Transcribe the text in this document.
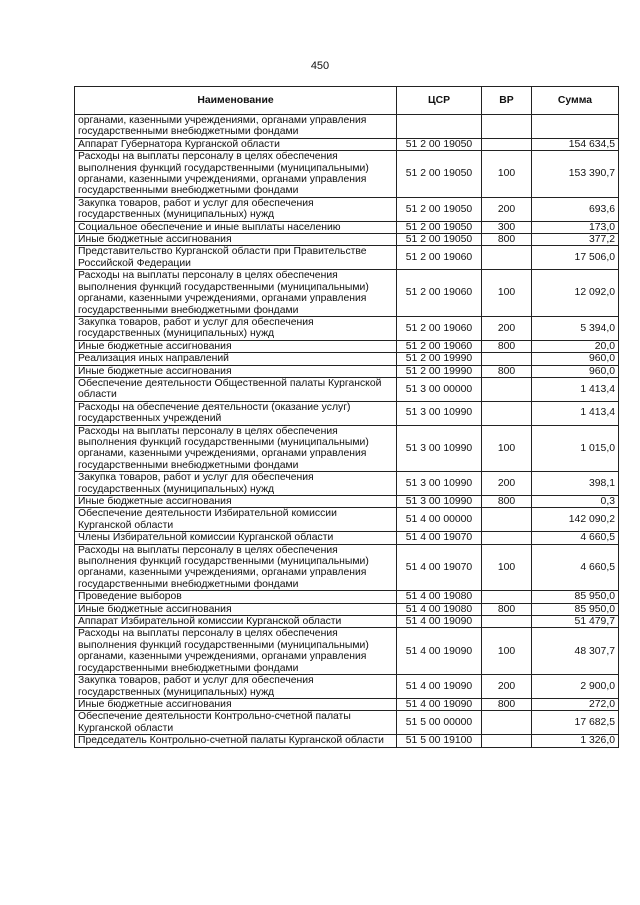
450
Наименование	ЦСР	ВР	Сумма
органами, казенными учреждениями, органами управления государственными внебюджетными фондами			
Аппарат Губернатора Курганской области	51 2 00 19050		154 634,5
Расходы на выплаты персоналу в целях обеспечения выполнения функций государственными (муниципальными) органами, казенными учреждениями, органами управления государственными внебюджетными фондами	51 2 00 19050	100	153 390,7
Закупка товаров, работ и услуг для обеспечения государственных (муниципальных) нужд	51 2 00 19050	200	693,6
Социальное обеспечение и иные выплаты населению	51 2 00 19050	300	173,0
Иные бюджетные ассигнования	51 2 00 19050	800	377,2
Представительство Курганской области при Правительстве Российской Федерации	51 2 00 19060		17 506,0
Расходы на выплаты персоналу в целях обеспечения выполнения функций государственными (муниципальными) органами, казенными учреждениями, органами управления государственными внебюджетными фондами	51 2 00 19060	100	12 092,0
Закупка товаров, работ и услуг для обеспечения государственных (муниципальных) нужд	51 2 00 19060	200	5 394,0
Иные бюджетные ассигнования	51 2 00 19060	800	20,0
Реализация иных направлений	51 2 00 19990		960,0
Иные бюджетные ассигнования	51 2 00 19990	800	960,0
Обеспечение деятельности Общественной палаты Курганской области	51 3 00 00000		1 413,4
Расходы на обеспечение деятельности (оказание услуг) государственных учреждений	51 3 00 10990		1 413,4
Расходы на выплаты персоналу в целях обеспечения выполнения функций государственными (муниципальными) органами, казенными учреждениями, органами управления государственными внебюджетными фондами	51 3 00 10990	100	1 015,0
Закупка товаров, работ и услуг для обеспечения государственных (муниципальных) нужд	51 3 00 10990	200	398,1
Иные бюджетные ассигнования	51 3 00 10990	800	0,3
Обеспечение деятельности Избирательной комиссии Курганской области	51 4 00 00000		142 090,2
Члены Избирательной комиссии Курганской области	51 4 00 19070		4 660,5
Расходы на выплаты персоналу в целях обеспечения выполнения функций государственными (муниципальными) органами, казенными учреждениями, органами управления государственными внебюджетными фондами	51 4 00 19070	100	4 660,5
Проведение выборов	51 4 00 19080		85 950,0
Иные бюджетные ассигнования	51 4 00 19080	800	85 950,0
Аппарат Избирательной комиссии Курганской области	51 4 00 19090		51 479,7
Расходы на выплаты персоналу в целях обеспечения выполнения функций государственными (муниципальными) органами, казенными учреждениями, органами управления государственными внебюджетными фондами	51 4 00 19090	100	48 307,7
Закупка товаров, работ и услуг для обеспечения государственных (муниципальных) нужд	51 4 00 19090	200	2 900,0
Иные бюджетные ассигнования	51 4 00 19090	800	272,0
Обеспечение деятельности Контрольно-счетной палаты Курганской области	51 5 00 00000		17 682,5
Председатель Контрольно-счетной палаты Курганской области	51 5 00 19100		1 326,0
